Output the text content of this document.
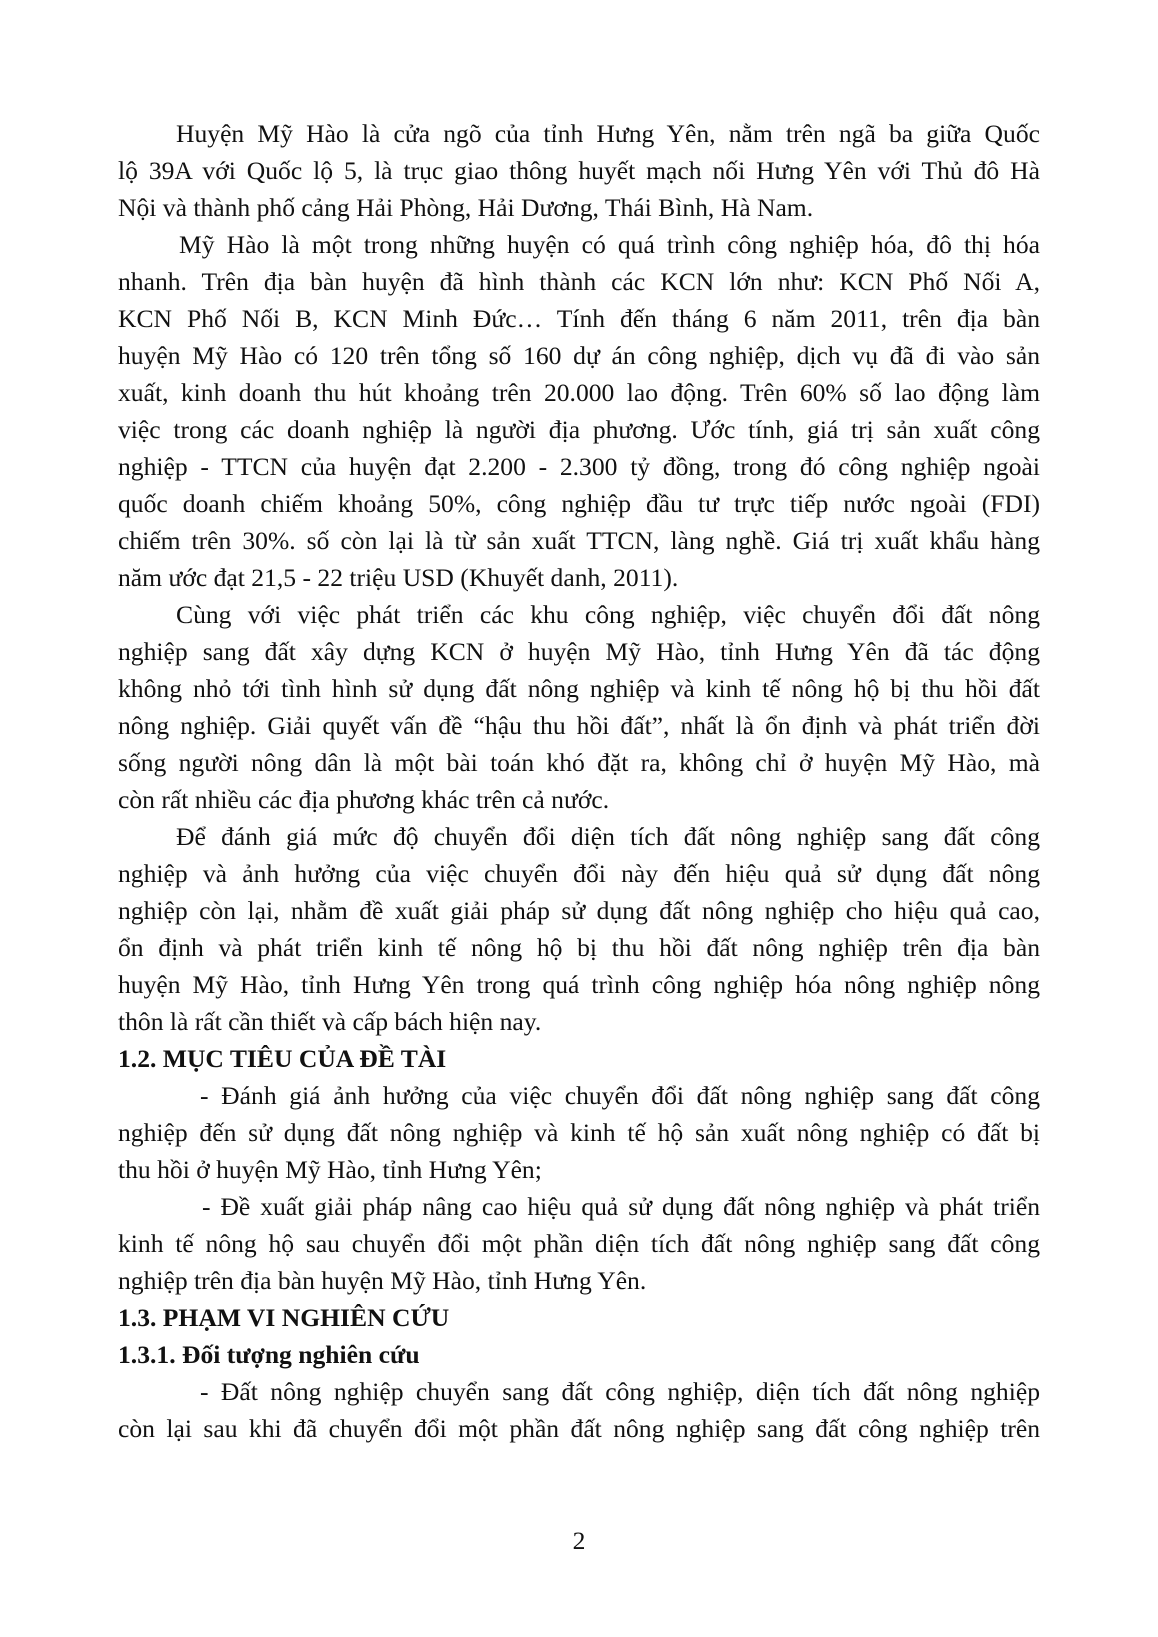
Huyện Mỹ Hào là cửa ngõ của tỉnh Hưng Yên, nằm trên ngã ba giữa Quốc
lộ 39A với Quốc lộ 5, là trục giao thông huyết mạch nối Hưng Yên với Thủ đô Hà
Nội và thành phố cảng Hải Phòng, Hải Dương, Thái Bình, Hà Nam.
Mỹ Hào là một trong những huyện có quá trình công nghiệp hóa, đô thị hóa
nhanh. Trên địa bàn huyện đã hình thành các KCN lớn như: KCN Phố Nối A,
KCN Phố Nối B, KCN Minh Đức… Tính đến tháng 6 năm 2011, trên địa bàn
huyện Mỹ Hào có 120 trên tổng số 160 dự án công nghiệp, dịch vụ đã đi vào sản
xuất, kinh doanh thu hút khoảng trên 20.000 lao động. Trên 60% số lao động làm
việc trong các doanh nghiệp là người địa phương. Ước tính, giá trị sản xuất công
nghiệp - TTCN của huyện đạt 2.200 - 2.300 tỷ đồng, trong đó công nghiệp ngoài
quốc doanh chiếm khoảng 50%, công nghiệp đầu tư trực tiếp nước ngoài (FDI)
chiếm trên 30%. số còn lại là từ sản xuất TTCN, làng nghề. Giá trị xuất khẩu hàng
năm ước đạt 21,5 - 22 triệu USD (Khuyết danh, 2011).
Cùng với việc phát triển các khu công nghiệp, việc chuyển đổi đất nông
nghiệp sang đất xây dựng KCN ở huyện Mỹ Hào, tỉnh Hưng Yên đã tác động
không nhỏ tới tình hình sử dụng đất nông nghiệp và kinh tế nông hộ bị thu hồi đất
nông nghiệp. Giải quyết vấn đề “hậu thu hồi đất”, nhất là ổn định và phát triển đời
sống người nông dân là một bài toán khó đặt ra, không chỉ ở huyện Mỹ Hào, mà
còn rất nhiều các địa phương khác trên cả nước.
Để đánh giá mức độ chuyển đổi diện tích đất nông nghiệp sang đất công
nghiệp và ảnh hưởng của việc chuyển đổi này đến hiệu quả sử dụng đất nông
nghiệp còn lại, nhằm đề xuất giải pháp sử dụng đất nông nghiệp cho hiệu quả cao,
ổn định và phát triển kinh tế nông hộ bị thu hồi đất nông nghiệp trên địa bàn
huyện Mỹ Hào, tỉnh Hưng Yên trong quá trình công nghiệp hóa nông nghiệp nông
thôn là rất cần thiết và cấp bách hiện nay.
1.2. MỤC TIÊU CỦA ĐỀ TÀI
- Đánh giá ảnh hưởng của việc chuyển đổi đất nông nghiệp sang đất công
nghiệp đến sử dụng đất nông nghiệp và kinh tế hộ sản xuất nông nghiệp có đất bị
thu hồi ở huyện Mỹ Hào, tỉnh Hưng Yên;
- Đề xuất giải pháp nâng cao hiệu quả sử dụng đất nông nghiệp và phát triển
kinh tế nông hộ sau chuyển đổi một phần diện tích đất nông nghiệp sang đất công
nghiệp trên địa bàn huyện Mỹ Hào, tỉnh Hưng Yên.
1.3. PHẠM VI NGHIÊN CỨU
1.3.1. Đối tượng nghiên cứu
- Đất nông nghiệp chuyển sang đất công nghiệp, diện tích đất nông nghiệp
còn lại sau khi đã chuyển đổi một phần đất nông nghiệp sang đất công nghiệp trên
2
